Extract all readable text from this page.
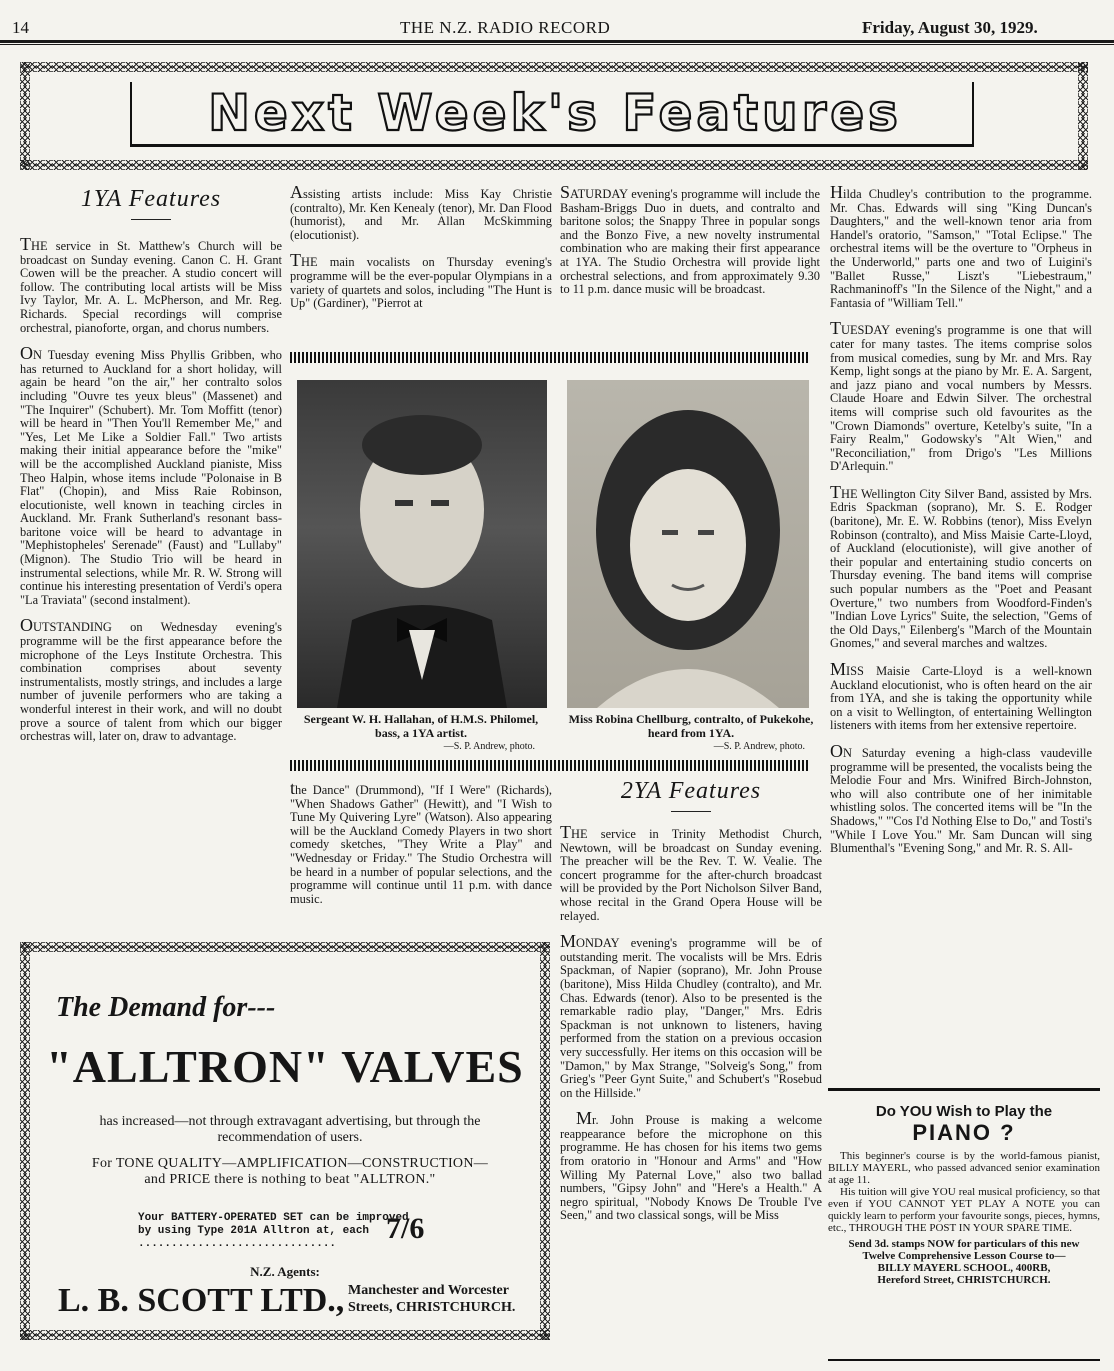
14	THE N.Z. RADIO RECORD	Friday, August 30, 1929.
Next Week's Features
1YA Features

THE service in St. Matthew's Church will be broadcast on Sunday evening. Canon C. H. Grant Cowen will be the preacher. A studio concert will follow. The contributing local artists will be Miss Ivy Taylor, Mr. A. L. McPherson, and Mr. Reg. Richards. Special recordings will comprise orchestral, pianoforte, organ, and chorus numbers.

ON Tuesday evening Miss Phyllis Gribben, who has returned to Auckland for a short holiday, will again be heard "on the air," her contralto solos including "Ouvre tes yeux bleus" (Massenet) and "The Inquirer" (Schubert). Mr. Tom Moffitt (tenor) will be heard in "Then You'll Remember Me," and "Yes, Let Me Like a Soldier Fall." Two artists making their initial appearance before the "mike" will be the accomplished Auckland pianiste, Miss Theo Halpin, whose items include "Polonaise in B Flat" (Chopin), and Miss Raie Robinson, elocutioniste, well known in teaching circles in Auckland. Mr. Frank Sutherland's resonant bass-baritone voice will be heard to advantage in "Mephistopheles' Serenade" (Faust) and "Lullaby" (Mignon). The Studio Trio will be heard in instrumental selections, while Mr. R. W. Strong will continue his interesting presentation of Verdi's opera "La Traviata" (second instalment).

OUTSTANDING on Wednesday evening's programme will be the first appearance before the microphone of the Leys Institute Orchestra. This combination comprises about seventy instrumentalists, mostly strings, and includes a large number of juvenile performers who are taking a wonderful interest in their work, and will no doubt prove a source of talent from which our bigger orchestras will, later on, draw to advantage.

Assisting artists include: Miss Kay Christie (contralto), Mr. Ken Kenealy (tenor), Mr. Dan Flood (humorist), and Mr. Allan McSkimming (elocutionist).

THE main vocalists on Thursday evening's programme will be the ever-popular Olympians in a variety of quartets and solos, including "The Hunt is Up" (Gardiner), "Pierrot at

SATURDAY evening's programme will include the Basham-Briggs Duo in duets, and contralto and baritone solos; the Snappy Three in popular songs and the Bonzo Five, a new novelty instrumental combination who are making their first appearance at 1YA. The Studio Orchestra will provide light orchestral selections, and from approximately 9.30 to 11 p.m. dance music will be broadcast.

Sergeant W. H. Hallahan, of H.M.S. Philomel, bass, a 1YA artist.
—S. P. Andrew, photo.
Miss Robina Chellburg, contralto, of Pukekohe, heard from 1YA.
—S. P. Andrew, photo.

the Dance" (Drummond), "If I Were" (Richards), "When Shadows Gather" (Hewitt), and "I Wish to Tune My Quivering Lyre" (Watson). Also appearing will be the Auckland Comedy Players in two short comedy sketches, "They Write a Play" and "Wednesday or Friday." The Studio Orchestra will be heard in a number of popular selections, and the programme will continue until 11 p.m. with dance music.

2YA Features

THE service in Trinity Methodist Church, Newtown, will be broadcast on Sunday evening. The preacher will be the Rev. T. W. Vealie. The concert programme for the after-church broadcast will be provided by the Port Nicholson Silver Band, whose recital in the Grand Opera House will be relayed.

MONDAY evening's programme will be of outstanding merit. The vocalists will be Mrs. Edris Spackman, of Napier (soprano), Mr. John Prouse (baritone), Miss Hilda Chudley (contralto), and Mr. Chas. Edwards (tenor). Also to be presented is the remarkable radio play, "Danger," Mrs. Edris Spackman is not unknown to listeners, having performed from the station on a previous occasion very successfully. Her items on this occasion will be "Damon," by Max Strange, "Solveig's Song," from Grieg's "Peer Gynt Suite," and Schubert's "Rosebud on the Hillside."

Mr. John Prouse is making a welcome reappearance before the microphone on this programme. He has chosen for his items two gems from oratorio in "Honour and Arms" and "How Willing My Paternal Love," also two ballad numbers, "Gipsy John" and "Here's a Health." A negro spiritual, "Nobody Knows De Trouble I've Seen," and two classical songs, will be Miss

Hilda Chudley's contribution to the programme. Mr. Chas. Edwards will sing "King Duncan's Daughters," and the well-known tenor aria from Handel's oratorio, "Samson," "Total Eclipse." The orchestral items will be the overture to "Orpheus in the Underworld," parts one and two of Luigini's "Ballet Russe," Liszt's "Liebestraum," Rachmaninoff's "In the Silence of the Night," and a Fantasia of "William Tell."

TUESDAY evening's programme is one that will cater for many tastes. The items comprise solos from musical comedies, sung by Mr. and Mrs. Ray Kemp, light songs at the piano by Mr. E. A. Sargent, and jazz piano and vocal numbers by Messrs. Claude Hoare and Edwin Silver. The orchestral items will comprise such old favourites as the "Crown Diamonds" overture, Ketelby's suite, "In a Fairy Realm," Godowsky's "Alt Wien," and "Reconciliation," from Drigo's "Les Millions D'Arlequin."

THE Wellington City Silver Band, assisted by Mrs. Edris Spackman (soprano), Mr. S. E. Rodger (baritone), Mr. E. W. Robbins (tenor), Miss Evelyn Robinson (contralto), and Miss Maisie Carte-Lloyd, of Auckland (elocutioniste), will give another of their popular and entertaining studio concerts on Thursday evening. The band items will comprise such popular numbers as the "Poet and Peasant Overture," two numbers from Woodford-Finden's "Indian Love Lyrics" Suite, the selection, "Gems of the Old Days," Eilenberg's "March of the Mountain Gnomes," and several marches and waltzes.

MISS Maisie Carte-Lloyd is a well-known Auckland elocutionist, who is often heard on the air from 1YA, and she is taking the opportunity while on a visit to Wellington, of entertaining Wellington listeners with items from her extensive repertoire.

ON Saturday evening a high-class vaudeville programme will be presented, the vocalists being the Melodie Four and Mrs. Winifred Birch-Johnston, who will also contribute one of her inimitable whistling solos. The concerted items will be "In the Shadows," "'Cos I'd Nothing Else to Do," and Tosti's "While I Love You." Mr. Sam Duncan will sing Blumenthal's "Evening Song," and Mr. R. S. All-

The Demand for---
"ALLTRON" VALVES
has increased—not through extravagant advertising, but through the recommendation of users.
For TONE QUALITY—AMPLIFICATION—CONSTRUCTION—and PRICE there is nothing to beat "ALLTRON."
Your BATTERY-OPERATED SET can be improved by using Type 201A Alltron at, each ..............................	7/6
N.Z. Agents:
L. B. SCOTT LTD., Manchester and Worcester Streets, CHRISTCHURCH.
Do YOU Wish to Play the
PIANO ?
This beginner's course is by the world-famous pianist, BILLY MAYERL, who passed advanced senior examination at age 11.
His tuition will give YOU real musical proficiency, so that even if YOU CANNOT YET PLAY A NOTE you can quickly learn to perform your favourite songs, pieces, hymns, etc., THROUGH THE POST IN YOUR SPARE TIME.
Send 3d. stamps NOW for particulars of this new Twelve Comprehensive Lesson Course to—
BILLY MAYERL SCHOOL, 400RB, Hereford Street, CHRISTCHURCH.
